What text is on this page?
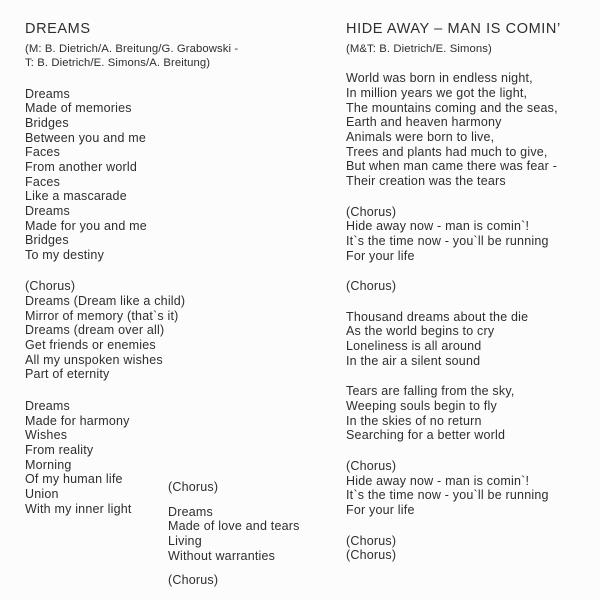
DREAMS

(M: B. Dietrich/A. Breitung/G. Grabowski -
T: B. Dietrich/E. Simons/A. Breitung)

Dreams
Made of memories
Bridges
Between you and me
Faces
From another world
Faces
Like a mascarade
Dreams
Made for you and me
Bridges
To my destiny

(Chorus)
Dreams (Dream like a child)
Mirror of memory (that`s it)
Dreams (dream over all)
Get friends or enemies
All my unspoken wishes
Part of eternity

Dreams
Made for harmony
Wishes
From reality
Morning
Of my human life
Union
With my inner light

(Chorus)

Dreams
Made of love and tears
Living
Without warranties

(Chorus)

HIDE AWAY – MAN IS COMIN’

(M&T: B. Dietrich/E. Simons)

World was born in endless night,
In million years we got the light,
The mountains coming and the seas,
Earth and heaven harmony
Animals were born to live,
Trees and plants had much to give,
But when man came there was fear -
Their creation was the tears

(Chorus)
Hide away now - man is comin`!
It`s the time now - you`ll be running
For your life

(Chorus)

Thousand dreams about the die
As the world begins to cry
Loneliness is all around
In the air a silent sound

Tears are falling from the sky,
Weeping souls begin to fly
In the skies of no return
Searching for a better world

(Chorus)
Hide away now - man is comin`!
It`s the time now - you`ll be running
For your life

(Chorus)
(Chorus)
